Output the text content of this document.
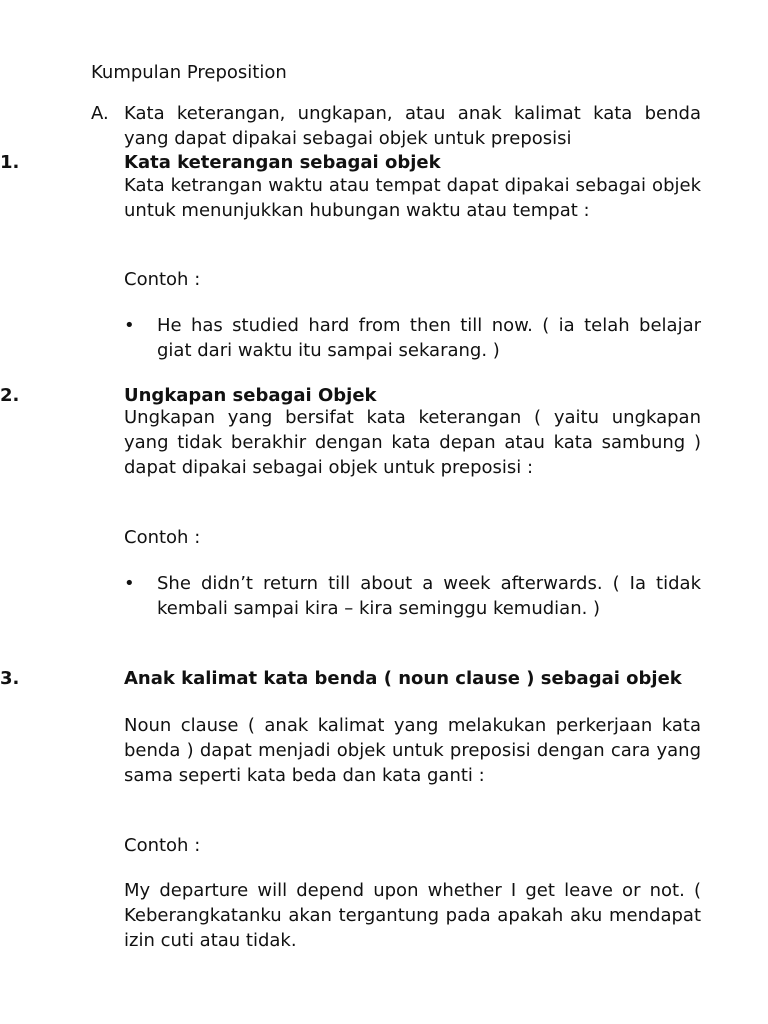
Kumpulan Preposition
A. Kata keterangan, ungkapan, atau anak kalimat kata benda yang dapat dipakai sebagai objek untuk preposisi
1.	Kata keterangan sebagai objek
Kata ketrangan waktu atau tempat dapat dipakai sebagai objek untuk menunjukkan hubungan waktu atau tempat :
Contoh :
• He has studied hard from then till now. ( ia telah belajar giat dari waktu itu sampai sekarang. )
2.	Ungkapan sebagai Objek
Ungkapan yang bersifat kata keterangan ( yaitu ungkapan yang tidak berakhir dengan kata depan atau kata sambung ) dapat dipakai sebagai objek untuk preposisi :
Contoh :
• She didn’t return till about a week afterwards. ( Ia tidak kembali sampai kira – kira seminggu kemudian. )
3.	Anak kalimat kata benda ( noun clause ) sebagai objek
Noun clause ( anak kalimat yang melakukan perkerjaan kata benda ) dapat menjadi objek untuk preposisi dengan cara yang sama seperti kata beda dan kata ganti :
Contoh :
My departure will depend upon whether I get leave or not. ( Keberangkatanku akan tergantung pada apakah aku mendapat izin cuti atau tidak.
